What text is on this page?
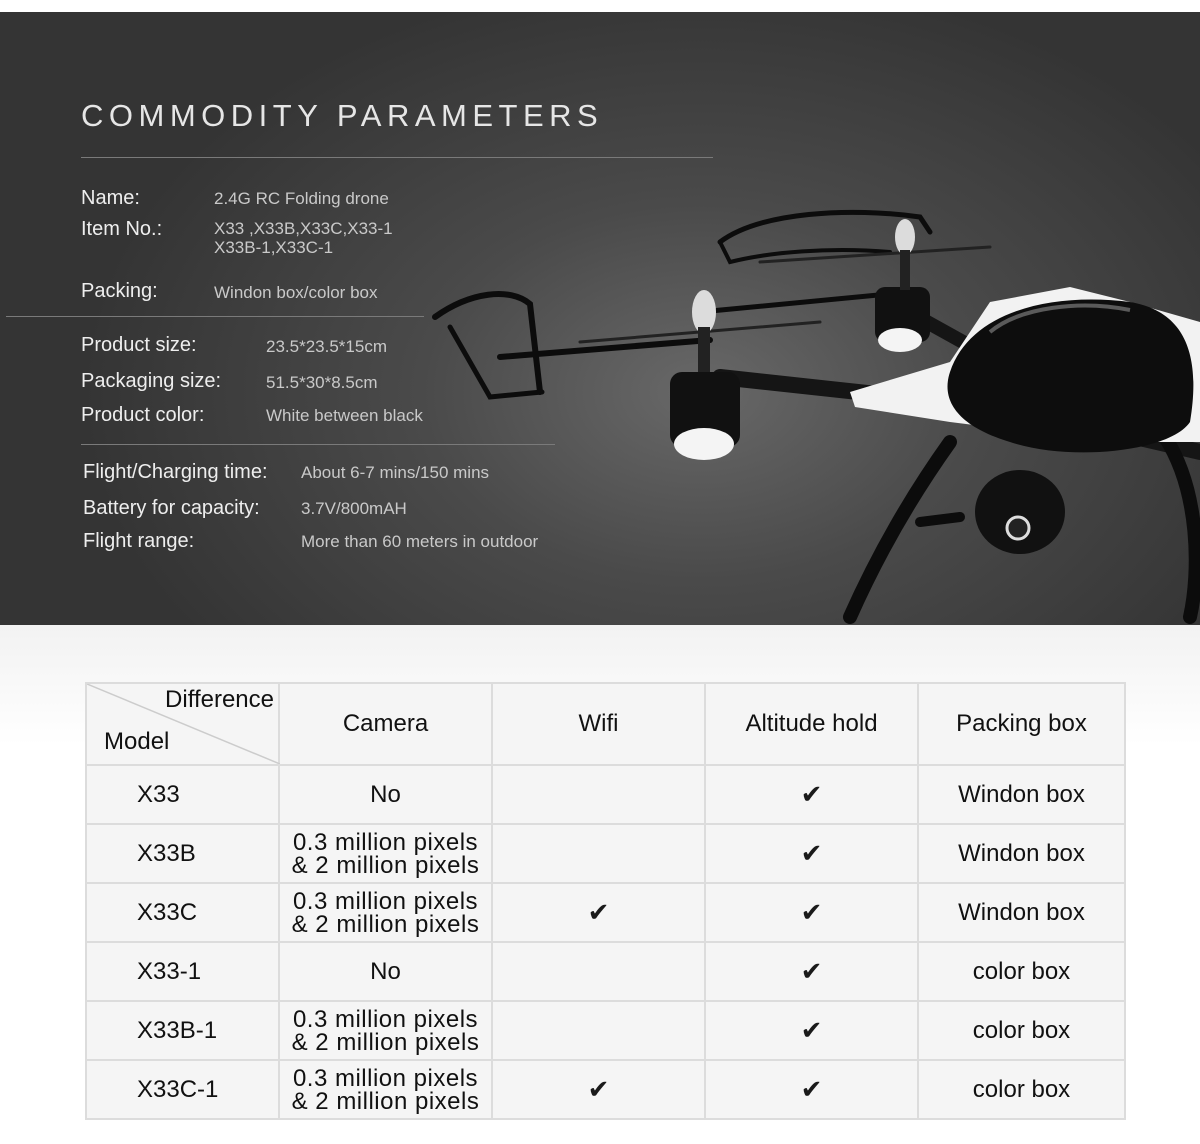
COMMODITY PARAMETERS
Name:	2.4G RC Folding drone
Item No.:	X33 ,X33B,X33C,X33-1
X33B-1,X33C-1
Packing:	Windon box/color box
Product size:	23.5*23.5*15cm
Packaging size:	51.5*30*8.5cm
Product color:	White between black
Flight/Charging time: About 6-7 mins/150 mins
Battery for capacity: 3.7V/800mAH
Flight range:	More than 60 meters in outdoor
Difference
Model	Camera	Wifi	Altitude hold	Packing box
X33	No		✔	Windon box
X33B	0.3 million pixels
& 2 million pixels		✔	Windon box
X33C	0.3 million pixels
& 2 million pixels	✔	✔	Windon box
X33-1	No		✔	color box
X33B-1	0.3 million pixels
& 2 million pixels		✔	color box
X33C-1	0.3 million pixels
& 2 million pixels	✔	✔	color box
